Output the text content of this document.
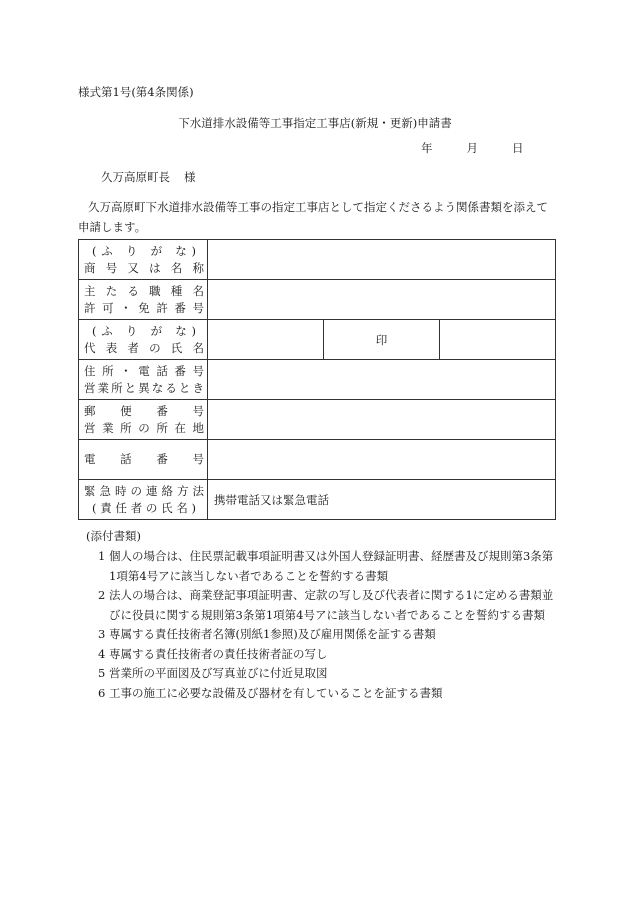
様式第1号(第4条関係)
下水道排水設備等工事指定工事店(新規・更新)申請書
年	月	日
久万高原町長 様
久万高原町下水道排水設備等工事の指定工事店として指定くださるよう関係書類を添えて申請します。
(ふ り が な)
商 号 又 は 名 称			

主たる職種名
許可・免許番号			

(ふ り が な)
代 表 者 の 氏 名		印	

住所・電話番号
営業所と異なるとき			

郵 便 番 号
営業所の所在地			

電 話 番 号			

緊急時の連絡方法
(責任者の氏名)	携帯電話又は緊急電話		
(添付書類)
1 個人の場合は、住民票記載事項証明書又は外国人登録証明書、経歴書及び規則第3条第1項第4号アに該当しない者であることを誓約する書類
2 法人の場合は、商業登記事項証明書、定款の写し及び代表者に関する1に定める書類並びに役員に関する規則第3条第1項第4号アに該当しない者であることを誓約する書類
3 専属する責任技術者名簿(別紙1参照)及び雇用関係を証する書類
4 専属する責任技術者の責任技術者証の写し
5 営業所の平面図及び写真並びに付近見取図
6 工事の施工に必要な設備及び器材を有していることを証する書類
